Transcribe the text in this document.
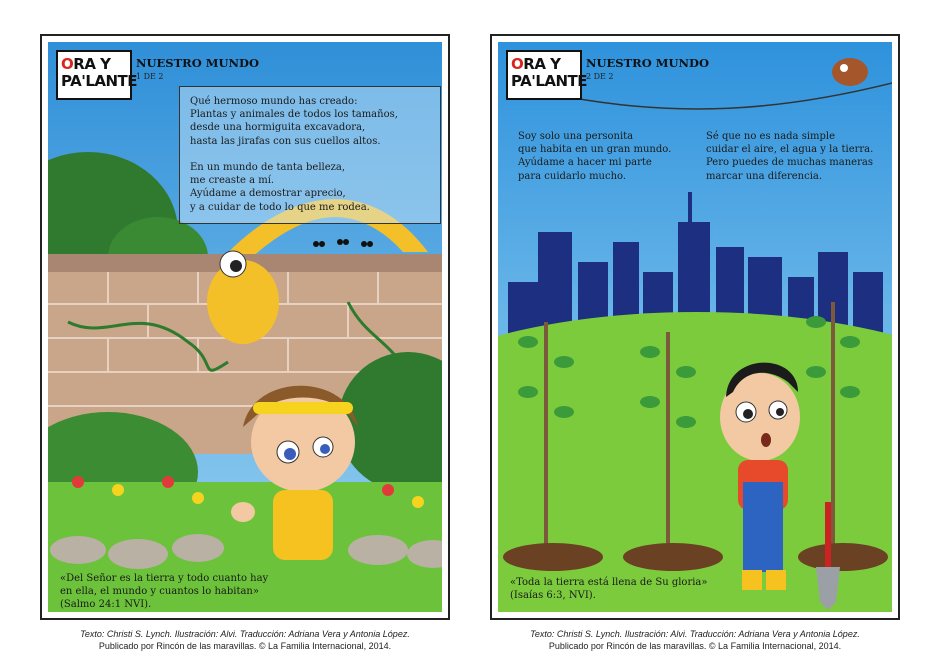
ORA Y
PA'LANTE
NUESTRO MUNDO
1 DE 2
Qué hermoso mundo has creado:
Plantas y animales de todos los tamaños,
desde una hormiguita excavadora,
hasta las jirafas con sus cuellos altos.
En un mundo de tanta belleza,
me creaste a mí.
Ayúdame a demostrar aprecio,
y a cuidar de todo lo que me rodea.
«Del Señor es la tierra y todo cuanto hay en ella, el mundo y cuantos lo habitan» (Salmo 24:1 NVI).
ORA Y
PA'LANTE
NUESTRO MUNDO
2 DE 2
Soy solo una personita
que habita en un gran mundo.
Ayúdame a hacer mi parte
para cuidarlo mucho.
Sé que no es nada simple
cuidar el aire, el agua y la tierra.
Pero puedes de muchas maneras
marcar una diferencia.
«Toda la tierra está llena de Su gloria» (Isaías 6:3, NVI).
Texto: Christi S. Lynch. Ilustración: Alvi. Traducción: Adriana Vera y Antonia López.
Publicado por Rincón de las maravillas. © La Familia Internacional, 2014.
Texto: Christi S. Lynch. Ilustración: Alvi. Traducción: Adriana Vera y Antonia López.
Publicado por Rincón de las maravillas. © La Familia Internacional, 2014.
